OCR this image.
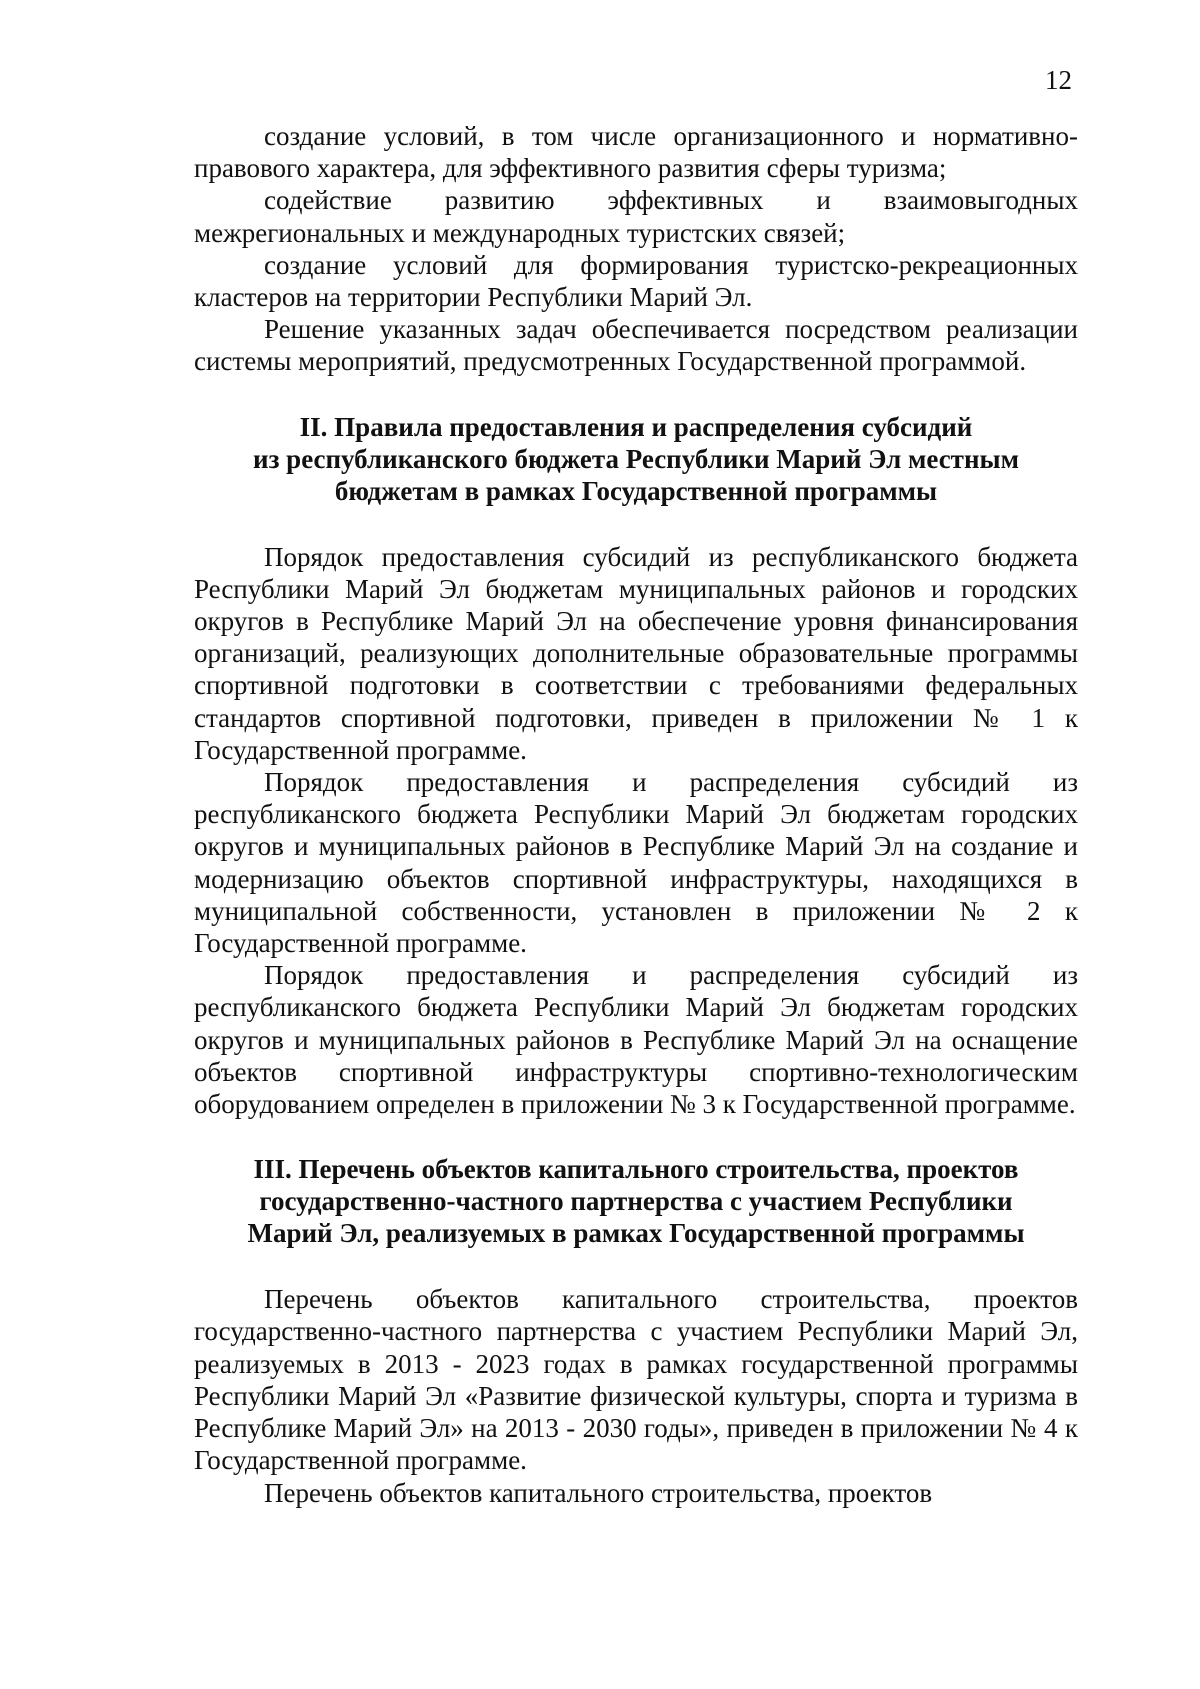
12

создание условий, в том числе организационного и нормативно-правового характера, для эффективного развития сферы туризма;

содействие развитию эффективных и взаимовыгодных межрегиональных и международных туристских связей;

создание условий для формирования туристско-рекреационных кластеров на территории Республики Марий Эл.

Решение указанных задач обеспечивается посредством реализации системы мероприятий, предусмотренных Государственной программой.

II. Правила предоставления и распределения субсидий
из республиканского бюджета Республики Марий Эл местным
бюджетам в рамках Государственной программы

Порядок предоставления субсидий из республиканского бюджета Республики Марий Эл бюджетам муниципальных районов и городских округов в Республике Марий Эл на обеспечение уровня финансирования организаций, реализующих дополнительные образовательные программы спортивной подготовки в соответствии с требованиями федеральных стандартов спортивной подготовки, приведен в приложении № 1 к Государственной программе.

Порядок предоставления и распределения субсидий из республиканского бюджета Республики Марий Эл бюджетам городских округов и муниципальных районов в Республике Марий Эл на создание и модернизацию объектов спортивной инфраструктуры, находящихся в муниципальной собственности, установлен в приложении № 2 к Государственной программе.

Порядок предоставления и распределения субсидий из республиканского бюджета Республики Марий Эл бюджетам городских округов и муниципальных районов в Республике Марий Эл на оснащение объектов спортивной инфраструктуры спортивно-технологическим оборудованием определен в приложении № 3 к Государственной программе.

III. Перечень объектов капитального строительства, проектов
государственно-частного партнерства с участием Республики
Марий Эл, реализуемых в рамках Государственной программы

Перечень объектов капитального строительства, проектов государственно-частного партнерства с участием Республики Марий Эл, реализуемых в 2013 - 2023 годах в рамках государственной программы Республики Марий Эл «Развитие физической культуры, спорта и туризма в Республике Марий Эл» на 2013 - 2030 годы», приведен в приложении № 4 к Государственной программе.

Перечень объектов капитального строительства, проектов
